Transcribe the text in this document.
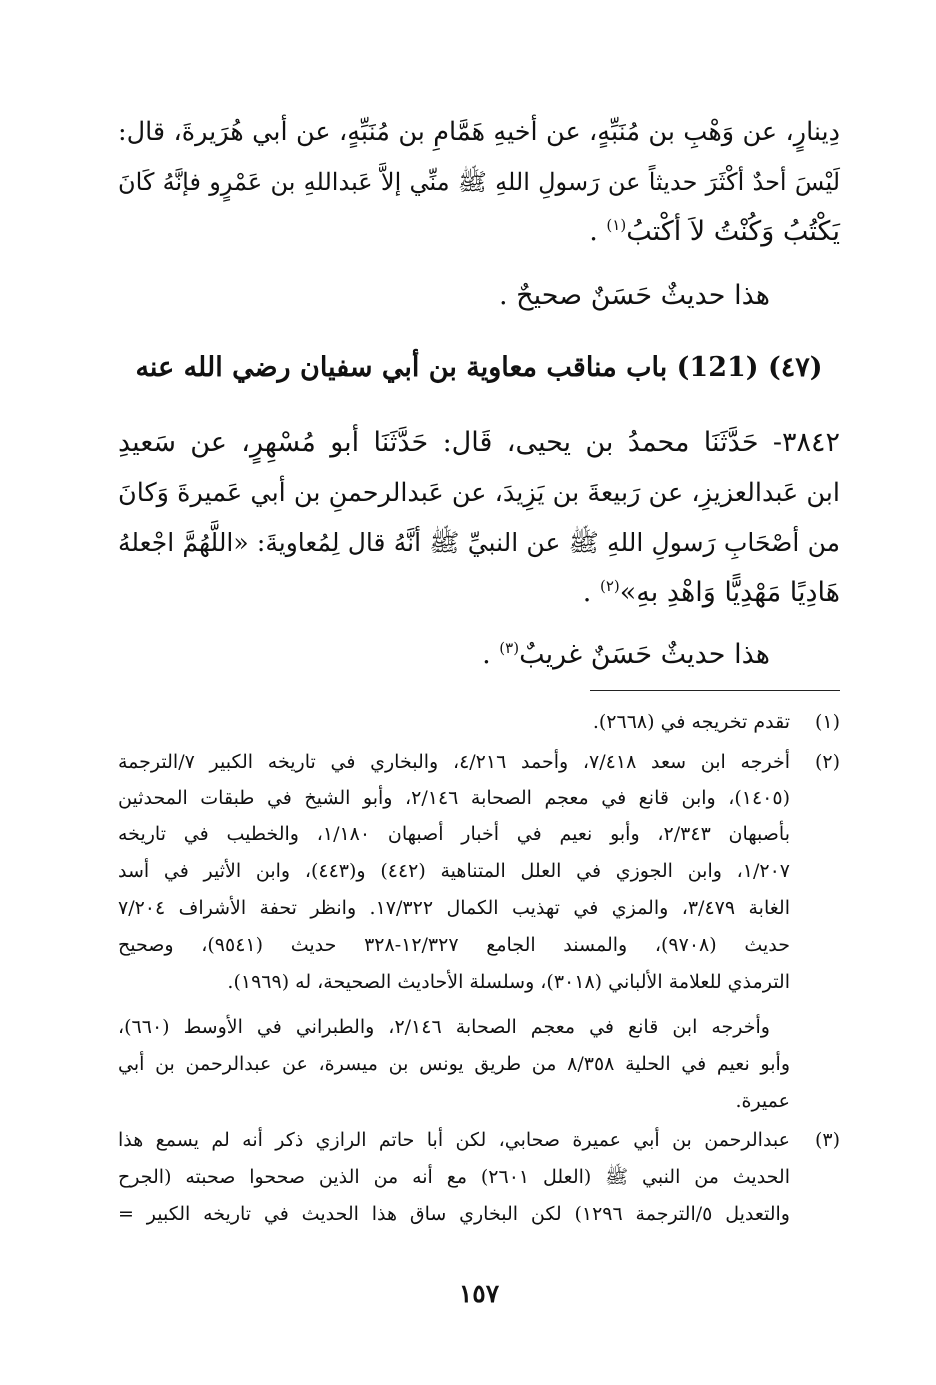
دِينارٍ، عن وَهْبِ بن مُنَبِّهٍ، عن أخيهِ هَمَّامِ بن مُنَبِّهٍ، عن أبي هُرَيرةَ، قال:
لَيْسَ أحدٌ أكْثَرَ حديثاً عن رَسولِ اللهِ ﷺ منِّي إلاَّ عَبداللهِ بن عَمْرٍو فإنَّهُ كَانَ
يَكْتُبُ وَكُنْتُ لاَ أكْتبُ$^{(١)}$ .
هذا حديثٌ حَسَنٌ صحيحٌ .
(٤٧) (121) باب مناقب معاوية بن أبي سفيان رضي الله عنه
٣٨٤٢- حَدَّثَنَا محمدُ بن يحيى، قَال: حَدَّثَنَا أبو مُسْهِرٍ، عن سَعيدِ
ابن عَبدالعزيزِ، عن رَبيعةَ بن يَزِيدَ، عن عَبدالرحمنِ بن أبي عَميرةَ وَكانَ
من أصْحَابِ رَسولِ اللهِ ﷺ عن النبيِّ ﷺ أنَّهُ قال لِمُعاويةَ: «اللَّهُمَّ اجْعلهُ
هَادِيًا مَهْدِيًّا وَاهْدِ بهِ»$^{(٢)}$ .
هذا حديثٌ حَسَنٌ غريبٌ$^{(٣)}$ .
(١)
تقدم تخريجه في (٢٦٦٨).
(٢)
أخرجه ابن سعد ٧/٤١٨، وأحمد ٤/٢١٦، والبخاري في تاريخه الكبير ٧/الترجمة
(١٤٠٥)، وابن قانع في معجم الصحابة ٢/١٤٦، وأبو الشيخ في طبقات المحدثين
بأصبهان ٢/٣٤٣، وأبو نعيم في أخبار أصبهان ١/١٨٠، والخطيب في تاريخه
١/٢٠٧، وابن الجوزي في العلل المتناهية (٤٤٢) و(٤٤٣)، وابن الأثير في أسد
الغابة ٣/٤٧٩، والمزي في تهذيب الكمال ١٧/٣٢٢. وانظر تحفة الأشراف ٧/٢٠٤
حديث (٩٧٠٨)، والمسند الجامع ١٢/٣٢٧-٣٢٨ حديث (٩٥٤١)، وصحيح
الترمذي للعلامة الألباني (٣٠١٨)، وسلسلة الأحاديث الصحيحة، له (١٩٦٩).
وأخرجه ابن قانع في معجم الصحابة ٢/١٤٦، والطبراني في الأوسط (٦٦٠)،
وأبو نعيم في الحلية ٨/٣٥٨ من طريق يونس بن ميسرة، عن عبدالرحمن بن أبي
عميرة.
(٣)
عبدالرحمن بن أبي عميرة صحابي، لكن أبا حاتم الرازي ذكر أنه لم يسمع هذا
الحديث من النبي ﷺ (العلل ٢٦٠١) مع أنه من الذين صححوا صحبته (الجرح
والتعديل ٥/الترجمة ١٢٩٦) لكن البخاري ساق هذا الحديث في تاريخه الكبير =
١٥٧
